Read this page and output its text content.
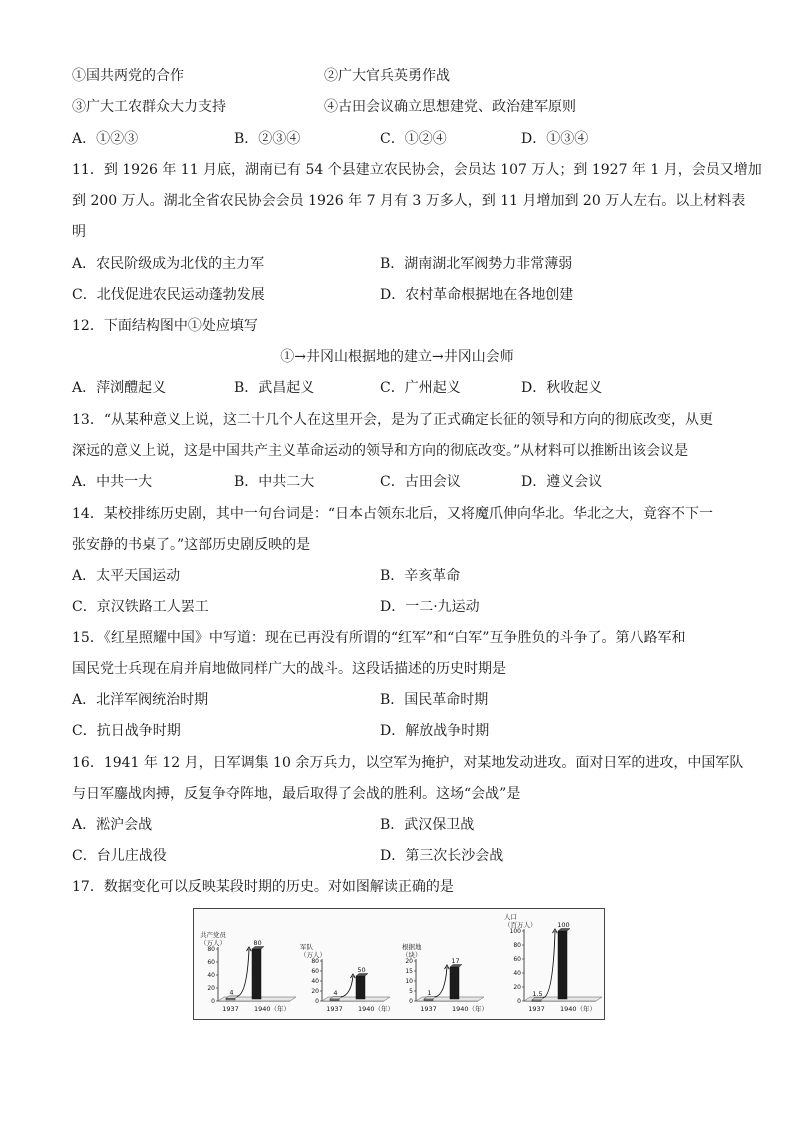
①国共两党的合作	②广大官兵英勇作战
③广大工农群众大力支持	④古田会议确立思想建党、政治建军原则
A．①②③	B．②③④	C．①②④	D．①③④
11．到 1926 年 11 月底，湖南已有 54 个县建立农民协会，会员达 107 万人；到 1927 年 1 月，会员又增加
到 200 万人。湖北全省农民协会会员 1926 年 7 月有 3 万多人，到 11 月增加到 20 万人左右。以上材料表
明
A．农民阶级成为北伐的主力军	B．湖南湖北军阀势力非常薄弱
C．北伐促进农民运动蓬勃发展	D．农村革命根据地在各地创建
12．下面结构图中①处应填写
①→井冈山根据地的建立→井冈山会师
A．萍浏醴起义	B．武昌起义	C．广州起义	D．秋收起义
13．“从某种意义上说，这二十几个人在这里开会，是为了正式确定长征的领导和方向的彻底改变，从更
深远的意义上说，这是中国共产主义革命运动的领导和方向的彻底改变。”从材料可以推断出该会议是
A．中共一大	B．中共二大	C．古田会议	D．遵义会议
14．某校排练历史剧，其中一句台词是：“日本占领东北后，又将魔爪伸向华北。华北之大，竟容不下一
张安静的书桌了。”这部历史剧反映的是
A．太平天国运动	B．辛亥革命
C．京汉铁路工人罢工	D．一二·九运动
15．《红星照耀中国》中写道：现在已再没有所谓的“红军”和“白军”互争胜负的斗争了。第八路军和
国民党士兵现在肩并肩地做同样广大的战斗。这段话描述的历史时期是
A．北洋军阀统治时期	B．国民革命时期
C．抗日战争时期	D．解放战争时期
16．1941 年 12 月，日军调集 10 余万兵力，以空军为掩护，对某地发动进攻。面对日军的进攻，中国军队
与日军鏖战肉搏，反复争夺阵地，最后取得了会战的胜利。这场“会战”是
A．淞沪会战	B．武汉保卫战
C．台儿庄战役	D．第三次长沙会战
17．数据变化可以反映某段时期的历史。对如图解读正确的是
共产党员
（万人）
80
60
40
20
0
4
1937
80
1940（年）
军队
（万人）
80
60
40
20
0
4
1937
50
1940（年）
根据地
（块）
20
15
10
5
0
1
1937
17
1940（年）
人口
（百万人）
100
80
60
40
20
0
1.5
1937
100
1940（年）
